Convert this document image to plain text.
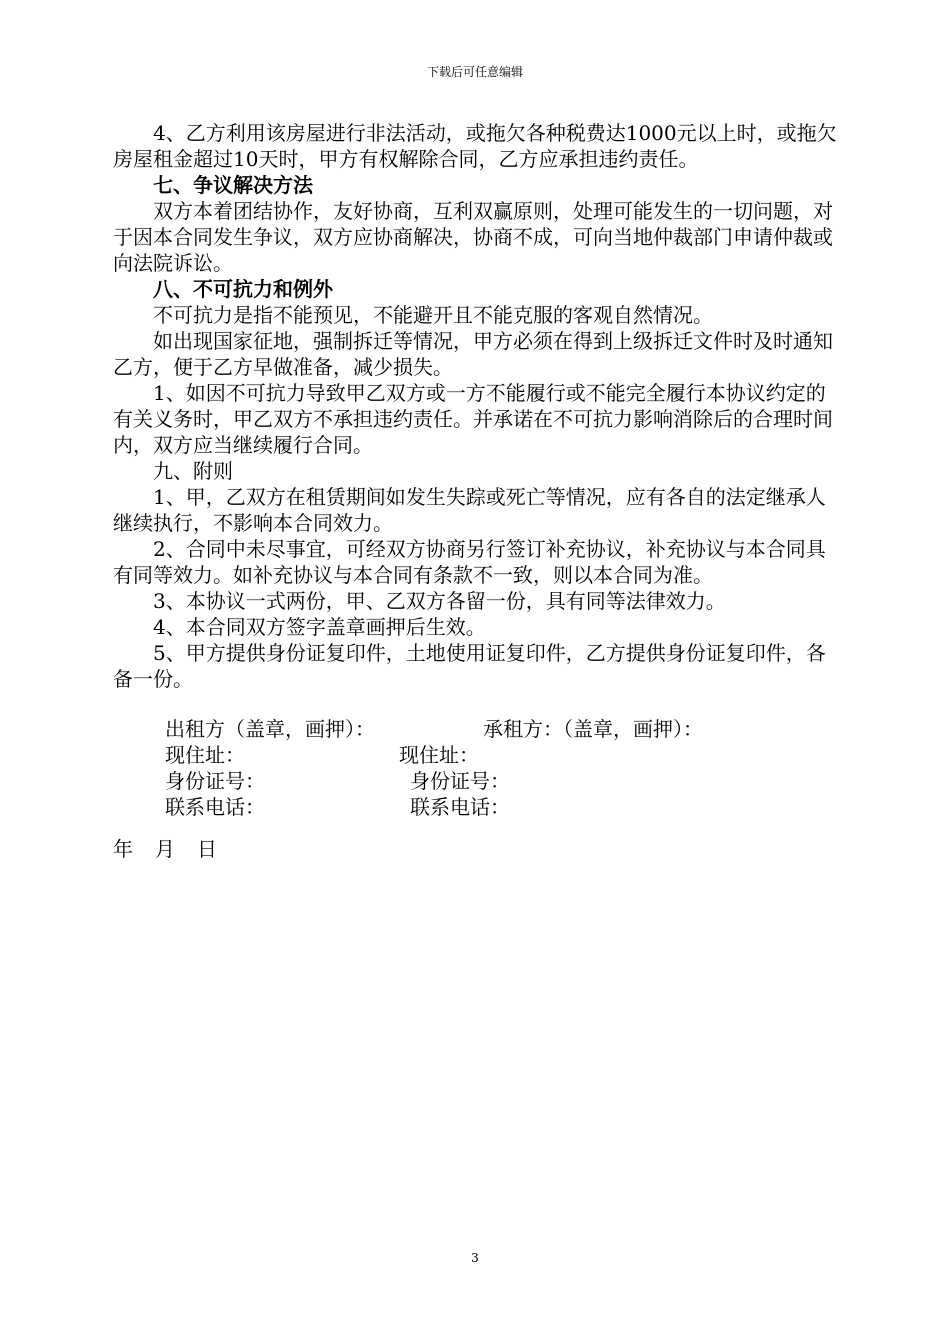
下载后可任意编辑

4、乙方利用该房屋进行非法活动，或拖欠各种税费达1000元以上时，或拖欠房屋租金超过10天时，甲方有权解除合同，乙方应承担违约责任。

七、争议解决方法

双方本着团结协作，友好协商，互利双赢原则，处理可能发生的一切问题，对于因本合同发生争议，双方应协商解决，协商不成，可向当地仲裁部门申请仲裁或向法院诉讼。

八、不可抗力和例外

不可抗力是指不能预见，不能避开且不能克服的客观自然情况。

如出现国家征地，强制拆迁等情况，甲方必须在得到上级拆迁文件时及时通知乙方，便于乙方早做准备，减少损失。

1、如因不可抗力导致甲乙双方或一方不能履行或不能完全履行本协议约定的有关义务时，甲乙双方不承担违约责任。并承诺在不可抗力影响消除后的合理时间内，双方应当继续履行合同。

九、附则

1、甲，乙双方在租赁期间如发生失踪或死亡等情况，应有各自的法定继承人继续执行，不影响本合同效力。

2、合同中未尽事宜，可经双方协商另行签订补充协议，补充协议与本合同具有同等效力。如补充协议与本合同有条款不一致，则以本合同为准。

3、本协议一式两份，甲、乙双方各留一份，具有同等法律效力。

4、本合同双方签字盖章画押后生效。

5、甲方提供身份证复印件，土地使用证复印件，乙方提供身份证复印件，各备一份。

出租方（盖章，画押）：	承租方：（盖章，画押）：
现住址：	现住址：
身份证号：	身份证号：
联系电话：	联系电话：
年 月 日
3
